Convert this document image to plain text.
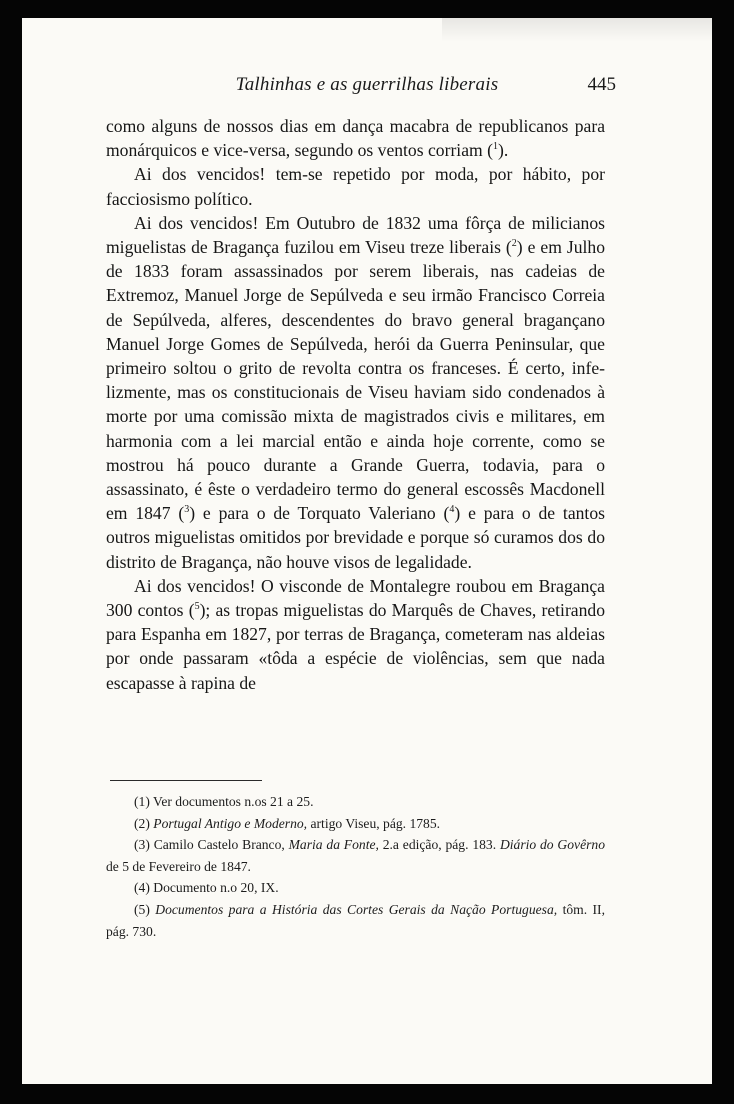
Talhinhas e as guerrilhas liberais	445

como alguns de nossos dias em dança macabra de republicanos para monárquicos e vice-versa, segundo os ventos corriam ($^1$).

Ai dos vencidos! tem-se repetido por moda, por hábito, por facciosismo político.

Ai dos vencidos! Em Outubro de 1832 uma fôrça de milicianos miguelistas de Bragança fuzilou em Viseu treze liberais ($^2$) e em Julho de 1833 foram assassinados por serem liberais, nas cadeias de Extremoz, Manuel Jorge de Sepúlveda e seu irmão Francisco Correia de Sepúlveda, alferes, descendentes do bravo general bragançano Manuel Jorge Gomes de Sepúlveda, herói da Guerra Peninsular, que primeiro soltou o grito de revolta contra os franceses. É certo, infelizmente, mas os constitucionais de Viseu haviam sido condenados à morte por uma comissão mixta de magistrados civis e militares, em harmonia com a lei marcial então e ainda hoje corrente, como se mostrou há pouco durante a Grande Guerra, todavia, para o assassinato, é êste o verdadeiro termo do general escossês Macdonell em 1847 ($^3$) e para o de Torquato Valeriano ($^4$) e para o de tantos outros miguelistas omitidos por brevidade e porque só curamos dos do distrito de Bragança, não houve visos de legalidade.

Ai dos vencidos! O visconde de Montalegre roubou em Bragança 300 contos ($^5$); as tropas miguelistas do Marquês de Chaves, retirando para Espanha em 1827, por terras de Bragança, cometeram nas aldeias por onde passaram «tôda a espécie de violências, sem que nada escapasse à rapina de

(1) Ver documentos n.os 21 a 25.

(2) Portugal Antigo e Moderno, artigo Viseu, pág. 1785.

(3) Camilo Castelo Branco, Maria da Fonte, 2.a edição, pág. 183. Diário do Govêrno de 5 de Fevereiro de 1847.

(4) Documento n.o 20, IX.

(5) Documentos para a História das Cortes Gerais da Nação Portuguesa, tôm. II, pág. 730.
